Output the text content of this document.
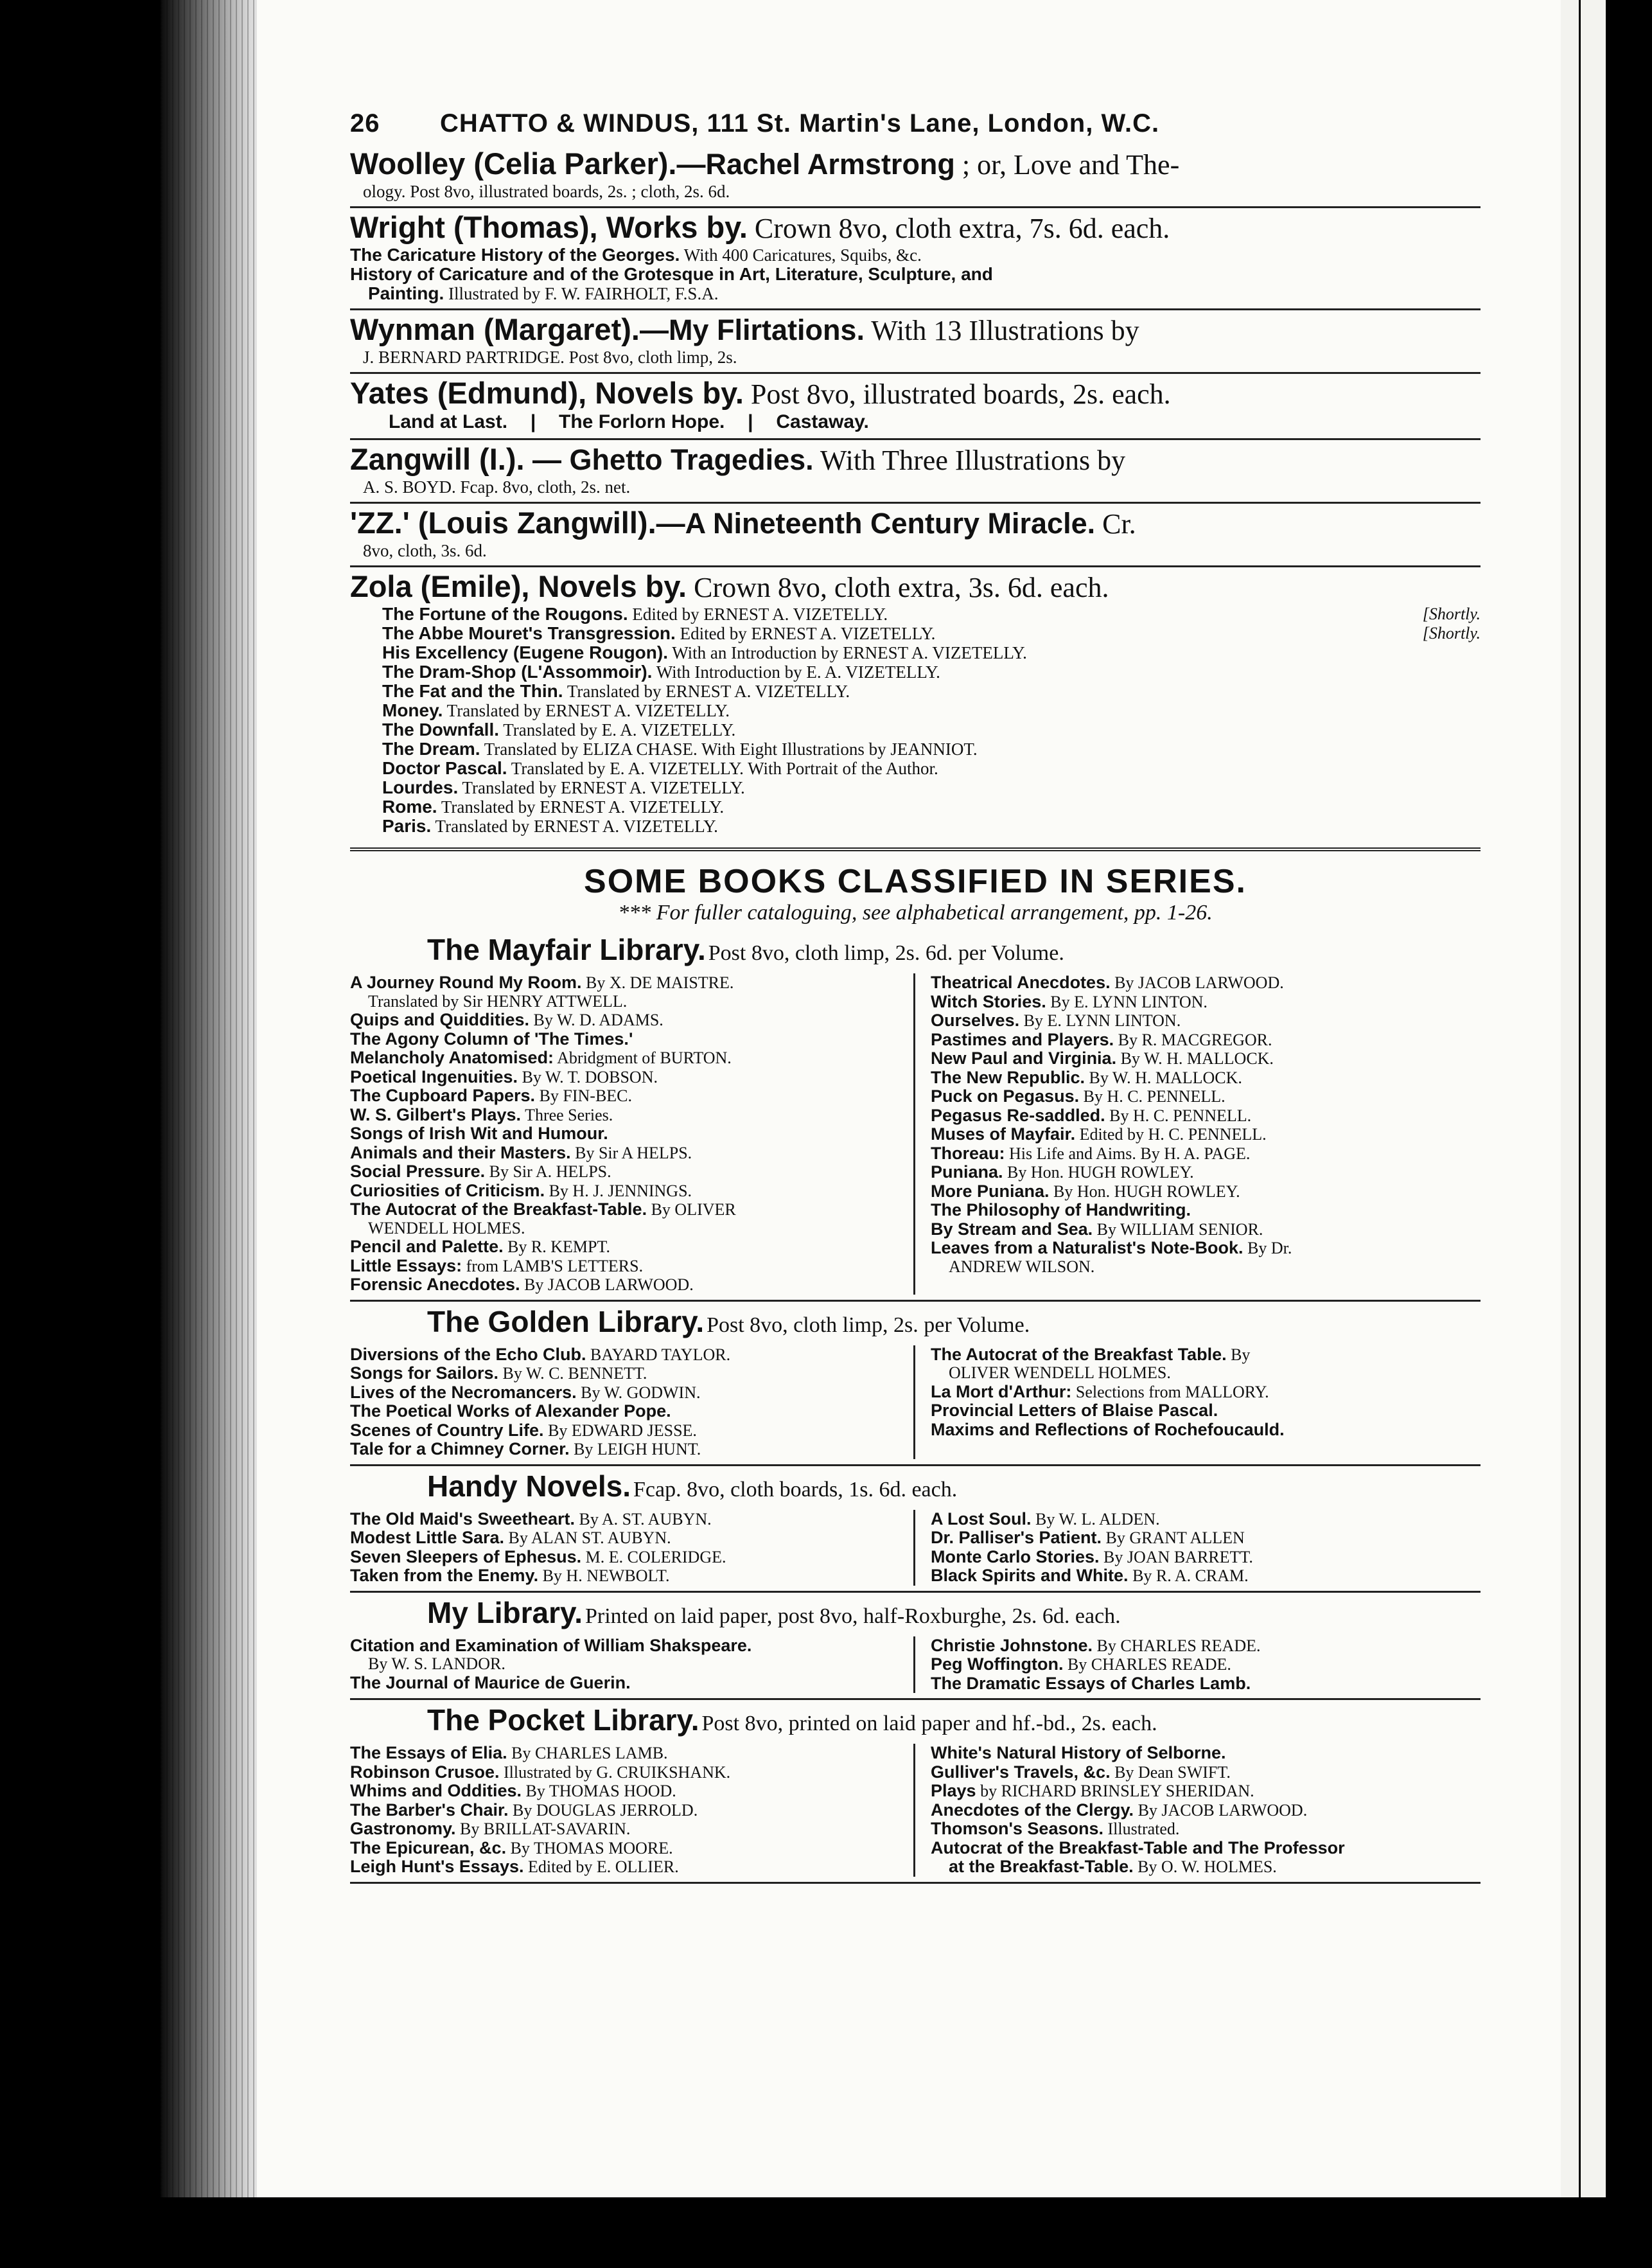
26	CHATTO & WINDUS, 111 St. Martin's Lane, London, W.C.
Woolley (Celia Parker).—Rachel Armstrong ; or, Love and The-
ology. Post 8vo, illustrated boards, 2s. ; cloth, 2s. 6d.
Wright (Thomas), Works by. Crown 8vo, cloth extra, 7s. 6d. each.
The Caricature History of the Georges. With 400 Caricatures, Squibs, &c.
History of Caricature and of the Grotesque in Art, Literature, Sculpture, and
Painting. Illustrated by F. W. FAIRHOLT, F.S.A.
Wynman (Margaret).—My Flirtations. With 13 Illustrations by
J. BERNARD PARTRIDGE. Post 8vo, cloth limp, 2s.
Yates (Edmund), Novels by. Post 8vo, illustrated boards, 2s. each.
Land at Last.	|	The Forlorn Hope.	|	Castaway.
Zangwill (I.). — Ghetto Tragedies. With Three Illustrations by
A. S. BOYD. Fcap. 8vo, cloth, 2s. net.
'ZZ.' (Louis Zangwill).—A Nineteenth Century Miracle. Cr.
8vo, cloth, 3s. 6d.
Zola (Emile), Novels by. Crown 8vo, cloth extra, 3s. 6d. each.
The Fortune of the Rougons. Edited by ERNEST A. VIZETELLY.	[Shortly.
The Abbe Mouret's Transgression. Edited by ERNEST A. VIZETELLY.	[Shortly.
His Excellency (Eugene Rougon). With an Introduction by ERNEST A. VIZETELLY.
The Dram-Shop (L'Assommoir). With Introduction by E. A. VIZETELLY.
The Fat and the Thin. Translated by ERNEST A. VIZETELLY.
Money. Translated by ERNEST A. VIZETELLY.
The Downfall. Translated by E. A. VIZETELLY.
The Dream. Translated by ELIZA CHASE. With Eight Illustrations by JEANNIOT.
Doctor Pascal. Translated by E. A. VIZETELLY. With Portrait of the Author.
Lourdes. Translated by ERNEST A. VIZETELLY.
Rome. Translated by ERNEST A. VIZETELLY.
Paris. Translated by ERNEST A. VIZETELLY.
SOME BOOKS CLASSIFIED IN SERIES.
*** For fuller cataloguing, see alphabetical arrangement, pp. 1-26.
The Mayfair Library. Post 8vo, cloth limp, 2s. 6d. per Volume.
A Journey Round My Room. By X. DE MAISTRE.
Translated by Sir HENRY ATTWELL.
Quips and Quiddities. By W. D. ADAMS.
The Agony Column of 'The Times.'
Melancholy Anatomised: Abridgment of BURTON.
Poetical Ingenuities. By W. T. DOBSON.
The Cupboard Papers. By FIN-BEC.
W. S. Gilbert's Plays. Three Series.
Songs of Irish Wit and Humour.
Animals and their Masters. By Sir A HELPS.
Social Pressure. By Sir A. HELPS.
Curiosities of Criticism. By H. J. JENNINGS.
The Autocrat of the Breakfast-Table. By OLIVER
WENDELL HOLMES.
Pencil and Palette. By R. KEMPT.
Little Essays: from LAMB'S LETTERS.
Forensic Anecdotes. By JACOB LARWOOD.
Theatrical Anecdotes. By JACOB LARWOOD.
Witch Stories. By E. LYNN LINTON.
Ourselves. By E. LYNN LINTON.
Pastimes and Players. By R. MACGREGOR.
New Paul and Virginia. By W. H. MALLOCK.
The New Republic. By W. H. MALLOCK.
Puck on Pegasus. By H. C. PENNELL.
Pegasus Re-saddled. By H. C. PENNELL.
Muses of Mayfair. Edited by H. C. PENNELL.
Thoreau: His Life and Aims. By H. A. PAGE.
Puniana. By Hon. HUGH ROWLEY.
More Puniana. By Hon. HUGH ROWLEY.
The Philosophy of Handwriting.
By Stream and Sea. By WILLIAM SENIOR.
Leaves from a Naturalist's Note-Book. By Dr.
ANDREW WILSON.
The Golden Library. Post 8vo, cloth limp, 2s. per Volume.
Diversions of the Echo Club. BAYARD TAYLOR.
Songs for Sailors. By W. C. BENNETT.
Lives of the Necromancers. By W. GODWIN.
The Poetical Works of Alexander Pope.
Scenes of Country Life. By EDWARD JESSE.
Tale for a Chimney Corner. By LEIGH HUNT.
The Autocrat of the Breakfast Table. By
OLIVER WENDELL HOLMES.
La Mort d'Arthur: Selections from MALLORY.
Provincial Letters of Blaise Pascal.
Maxims and Reflections of Rochefoucauld.
Handy Novels. Fcap. 8vo, cloth boards, 1s. 6d. each.
The Old Maid's Sweetheart. By A. ST. AUBYN.
Modest Little Sara. By ALAN ST. AUBYN.
Seven Sleepers of Ephesus. M. E. COLERIDGE.
Taken from the Enemy. By H. NEWBOLT.
A Lost Soul. By W. L. ALDEN.
Dr. Palliser's Patient. By GRANT ALLEN
Monte Carlo Stories. By JOAN BARRETT.
Black Spirits and White. By R. A. CRAM.
My Library. Printed on laid paper, post 8vo, half-Roxburghe, 2s. 6d. each.
Citation and Examination of William Shakspeare.
By W. S. LANDOR.
The Journal of Maurice de Guerin.
Christie Johnstone. By CHARLES READE.
Peg Woffington. By CHARLES READE.
The Dramatic Essays of Charles Lamb.
The Pocket Library. Post 8vo, printed on laid paper and hf.-bd., 2s. each.
The Essays of Elia. By CHARLES LAMB.
Robinson Crusoe. Illustrated by G. CRUIKSHANK.
Whims and Oddities. By THOMAS HOOD.
The Barber's Chair. By DOUGLAS JERROLD.
Gastronomy. By BRILLAT-SAVARIN.
The Epicurean, &c. By THOMAS MOORE.
Leigh Hunt's Essays. Edited by E. OLLIER.
White's Natural History of Selborne.
Gulliver's Travels, &c. By Dean SWIFT.
Plays by RICHARD BRINSLEY SHERIDAN.
Anecdotes of the Clergy. By JACOB LARWOOD.
Thomson's Seasons. Illustrated.
Autocrat of the Breakfast-Table and The Professor
at the Breakfast-Table. By O. W. HOLMES.
